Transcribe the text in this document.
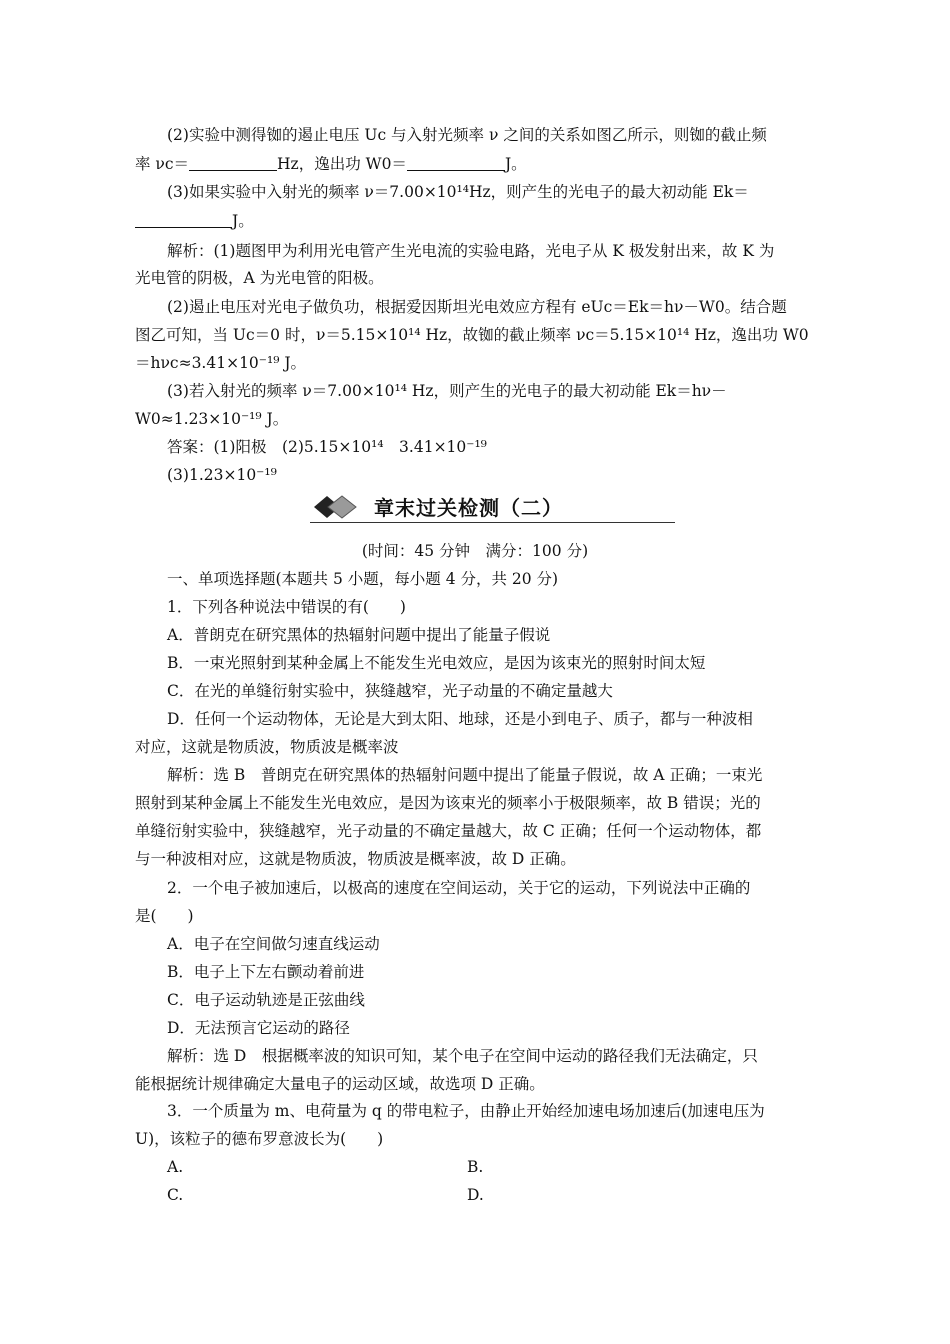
(2)实验中测得铷的遏止电压 Uc 与入射光频率 ν 之间的关系如图乙所示，则铷的截止频
率 νc＝	Hz，逸出功 W0＝	J。
(3)如果实验中入射光的频率 ν＝7.00×10¹⁴Hz，则产生的光电子的最大初动能 Ek＝
J。
解析：(1)题图甲为利用光电管产生光电流的实验电路，光电子从 K 极发射出来，故 K 为
光电管的阴极，A 为光电管的阳极。
(2)遏止电压对光电子做负功，根据爱因斯坦光电效应方程有 eUc＝Ek＝hν－W0。结合题
图乙可知，当 Uc＝0 时，ν＝5.15×10¹⁴ Hz，故铷的截止频率 νc＝5.15×10¹⁴ Hz，逸出功 W0
＝hνc≈3.41×10⁻¹⁹ J。
(3)若入射光的频率 ν＝7.00×10¹⁴ Hz，则产生的光电子的最大初动能 Ek＝hν－
W0≈1.23×10⁻¹⁹ J。
答案：(1)阳极　(2)5.15×10¹⁴　3.41×10⁻¹⁹
(3)1.23×10⁻¹⁹
章末过关检测（二）
(时间：45 分钟　满分：100 分)
一、单项选择题(本题共 5 小题，每小题 4 分，共 20 分)
1．下列各种说法中错误的有(　　)
A．普朗克在研究黑体的热辐射问题中提出了能量子假说
B．一束光照射到某种金属上不能发生光电效应，是因为该束光的照射时间太短
C．在光的单缝衍射实验中，狭缝越窄，光子动量的不确定量越大
D．任何一个运动物体，无论是大到太阳、地球，还是小到电子、质子，都与一种波相
对应，这就是物质波，物质波是概率波
解析：选 B　普朗克在研究黑体的热辐射问题中提出了能量子假说，故 A 正确；一束光
照射到某种金属上不能发生光电效应，是因为该束光的频率小于极限频率，故 B 错误；光的
单缝衍射实验中，狭缝越窄，光子动量的不确定量越大，故 C 正确；任何一个运动物体，都
与一种波相对应，这就是物质波，物质波是概率波，故 D 正确。
2．一个电子被加速后，以极高的速度在空间运动，关于它的运动，下列说法中正确的
是(　　)
A．电子在空间做匀速直线运动
B．电子上下左右颤动着前进
C．电子运动轨迹是正弦曲线
D．无法预言它运动的路径
解析：选 D　根据概率波的知识可知，某个电子在空间中运动的路径我们无法确定，只
能根据统计规律确定大量电子的运动区域，故选项 D 正确。
3．一个质量为 m、电荷量为 q 的带电粒子，由静止开始经加速电场加速后(加速电压为
U)，该粒子的德布罗意波长为(　　)
A.	B.
C.	D.
